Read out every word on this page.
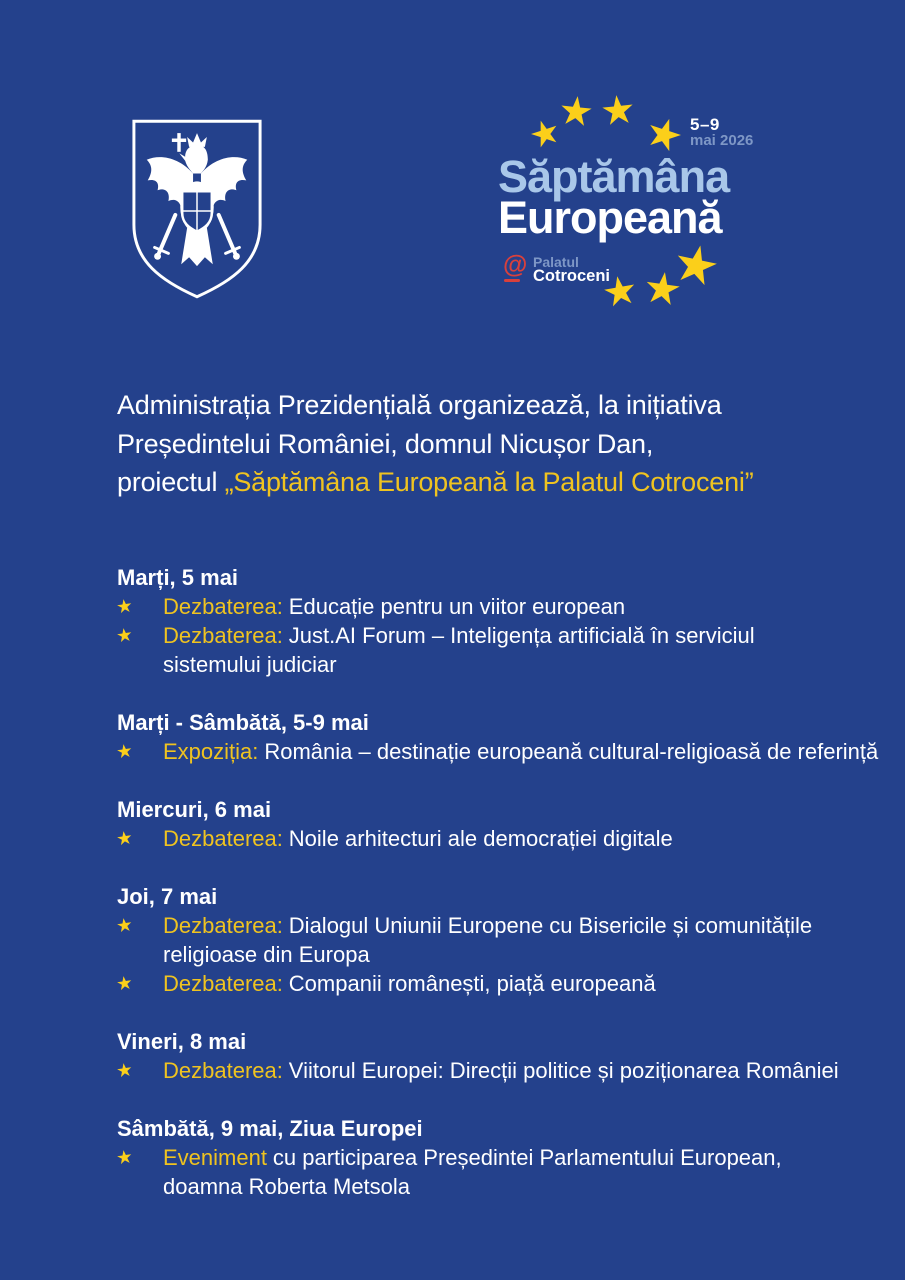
5–9
mai 2026
Săptămâna
Europeană
@ Palatul
Cotroceni
Administrația Prezidențială organizează, la inițiativa
Președintelui României, domnul Nicușor Dan,
proiectul „Săptămâna Europeană la Palatul Cotroceni”
Marți, 5 mai
Dezbaterea: Educație pentru un viitor european
Dezbaterea: Just.AI Forum – Inteligența artificială în serviciul
sistemului judiciar
Marți - Sâmbătă, 5-9 mai
Expoziția: România – destinație europeană cultural-religioasă de referință
Miercuri, 6 mai
Dezbaterea: Noile arhitecturi ale democrației digitale
Joi, 7 mai
Dezbaterea: Dialogul Uniunii Europene cu Bisericile și comunitățile
religioase din Europa
Dezbaterea: Companii românești, piață europeană
Vineri, 8 mai
Dezbaterea: Viitorul Europei: Direcții politice și poziționarea României
Sâmbătă, 9 mai, Ziua Europei
Eveniment cu participarea Președintei Parlamentului European,
doamna Roberta Metsola
